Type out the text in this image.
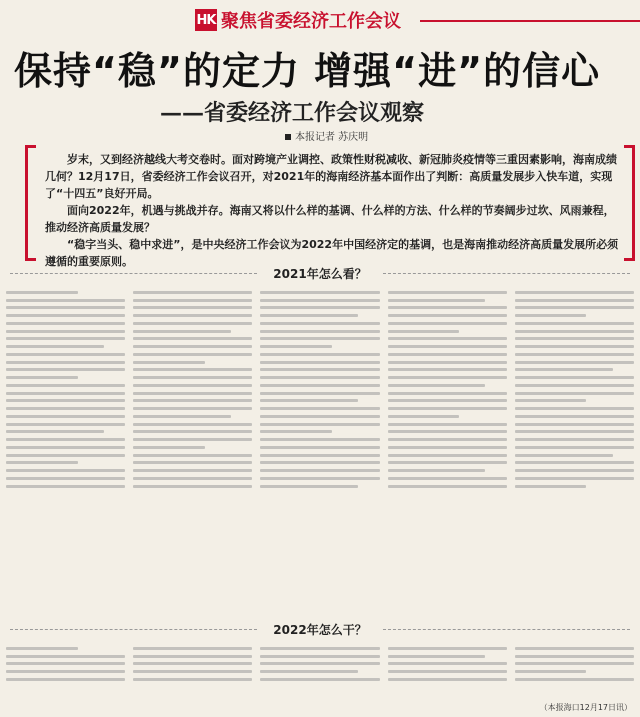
HK 聚焦省委经济工作会议
保持“稳”的定力 增强“进”的信心
——省委经济工作会议观察
本报记者 苏庆明

岁末，又到经济越线大考交卷时。面对跨境产业调控、政策性财税减收、新冠肺炎疫情等三重因素影响，海南成绩几何？12月17日，省委经济工作会议召开，对2021年的海南经济基本面作出了判断：高质量发展步入快车道，实现了“十四五”良好开局。

面向2022年，机遇与挑战并存。海南又将以什么样的基调、什么样的方法、什么样的节奏阔步过坎、风雨兼程，推动经济高质量发展？

“稳字当头、稳中求进”，是中央经济工作会议为2022年中国经济定的基调，也是海南推动经济高质量发展所必须遵循的重要原则。

2021年怎么看？
2022年怎么干？
（本报海口12月17日讯）
